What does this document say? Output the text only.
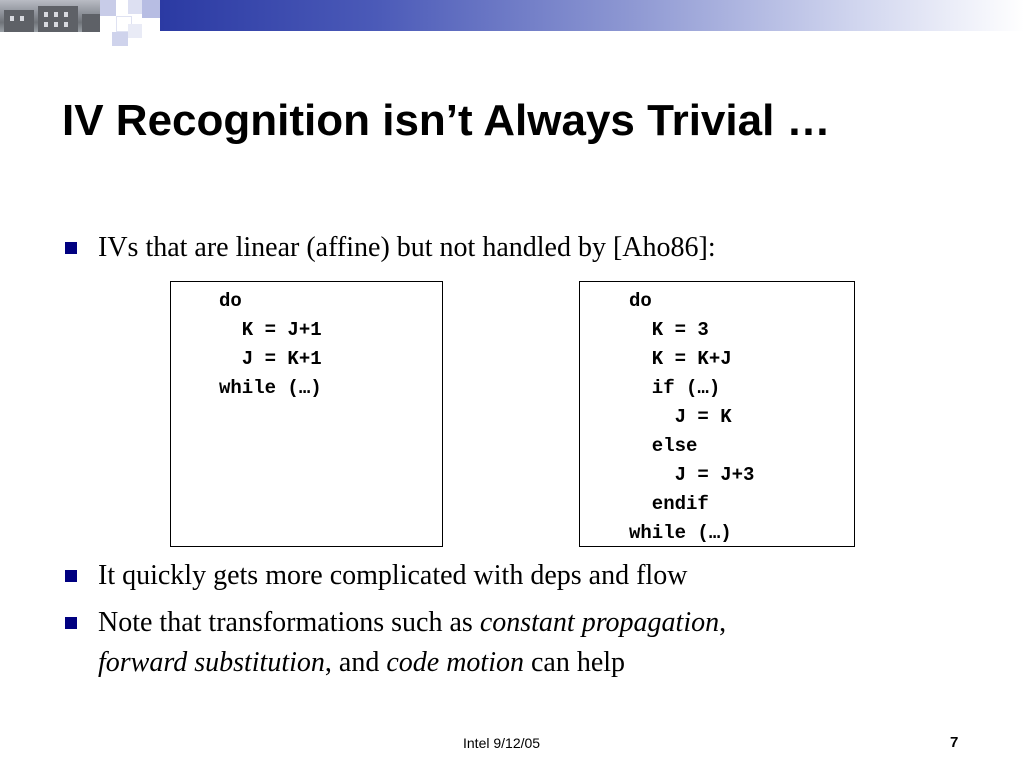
IV Recognition isn’t Always Trivial …
IVs that are linear (affine) but not handled by [Aho86]:
do
K = J+1
J = K+1
while (…)
do
K = 3
K = K+J
if (…)
J = K
else
J = J+3
endif
while (…)
It quickly gets more complicated with deps and flow
Note that transformations such as constant propagation,
forward substitution, and code motion can help
Intel 9/12/05	7
